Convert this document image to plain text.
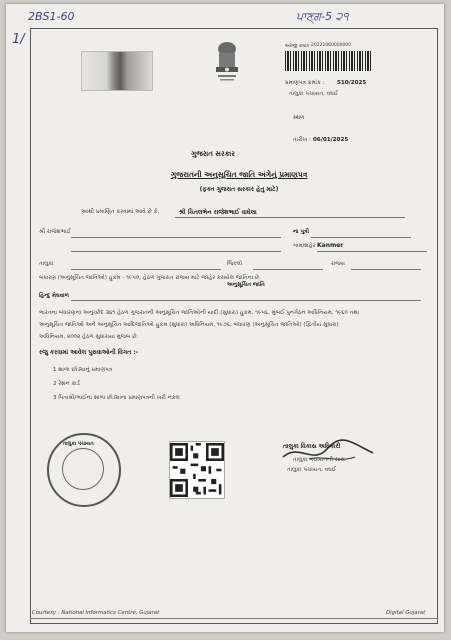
2BS1-60	ਪਾਣ੍ਗ-5 ੨੧
1/	અરજી ક્રમાંક :
20221060000000
પ્રમાણપત્ર ક્રમાંક : 510/2025
તાલુકા પંચાયત, વઘઈ
સ્થળ
તારીખ : 06/01/2025
ગુજરાત સરકાર
ગુજરાતની અનુસૂચિત જાતિ અંગેનું પ્રમાણપત્ર
(ફક્ત ગુજરાત સરકાર હેતુ માટે)
આથી પ્રમાણિત કરવામાં આવે છે કે,	શ્રી ચિતલભેન રાજેશભાઈ વાઘેલા
શ્રી રાજેશભાઈ	ના પુત્રી
ગામ/શહેર Kanmer
તાલુકા	જિલ્લો	રાજ્ય
બંધારણ (અનુસૂચિત જાતિઓ) હુકમ - ૧૯૫૦, હેઠળ ગુજરાત રાજ્ય માટે જાહેર કરાયેલ જાતિના છે.
અનુસૂચિત જાતિ
હિન્દુ મેઘવાળ
ભારતના બંધારણના અનુચ્છેદ ૩૪૧ હેઠળ ગુજરાતની અનુસૂચિત જાતિઓની યાદી (સુધારા) હુકમ, ૧૯૫૬, મુંબઈ પુનર્ગઠન અધિનિયમ, ૧૯૬૦ તથા
અનુસૂચિત જાતિઓ અને અનુસૂચિત આદિજાતિઓ હુકમ (સુધારા) અધિનિયમ, ૧૯૭૬, બંધારણ (અનુસૂચિત જાતિઓ) (દ્વિતીય સુધારા)
અધિનિયમ, ૨૦૦૨ હેઠળ સુધારાયા મુજબ છે.
રજુ કરવામાં આવેલ પુરાવાઓની વિગત :-
1 શાળા છોડ્યાનું પ્રમાણપત્ર
2 રેશન કાર્ડ
3 પિતાશ્રી/ભાઈના શાળા છોડ્યાના પ્રમાણપત્રની ખરી નકલ
તાલુકા પંચાયત	તાલુકા વિકાસ અધિકારી
તાલુકા પંચાયતની સાથ
તાલુકા પંચાયત, વઘઈ
Courtesy : National Informatics Centre, Gujarat	Digital Gujarat
